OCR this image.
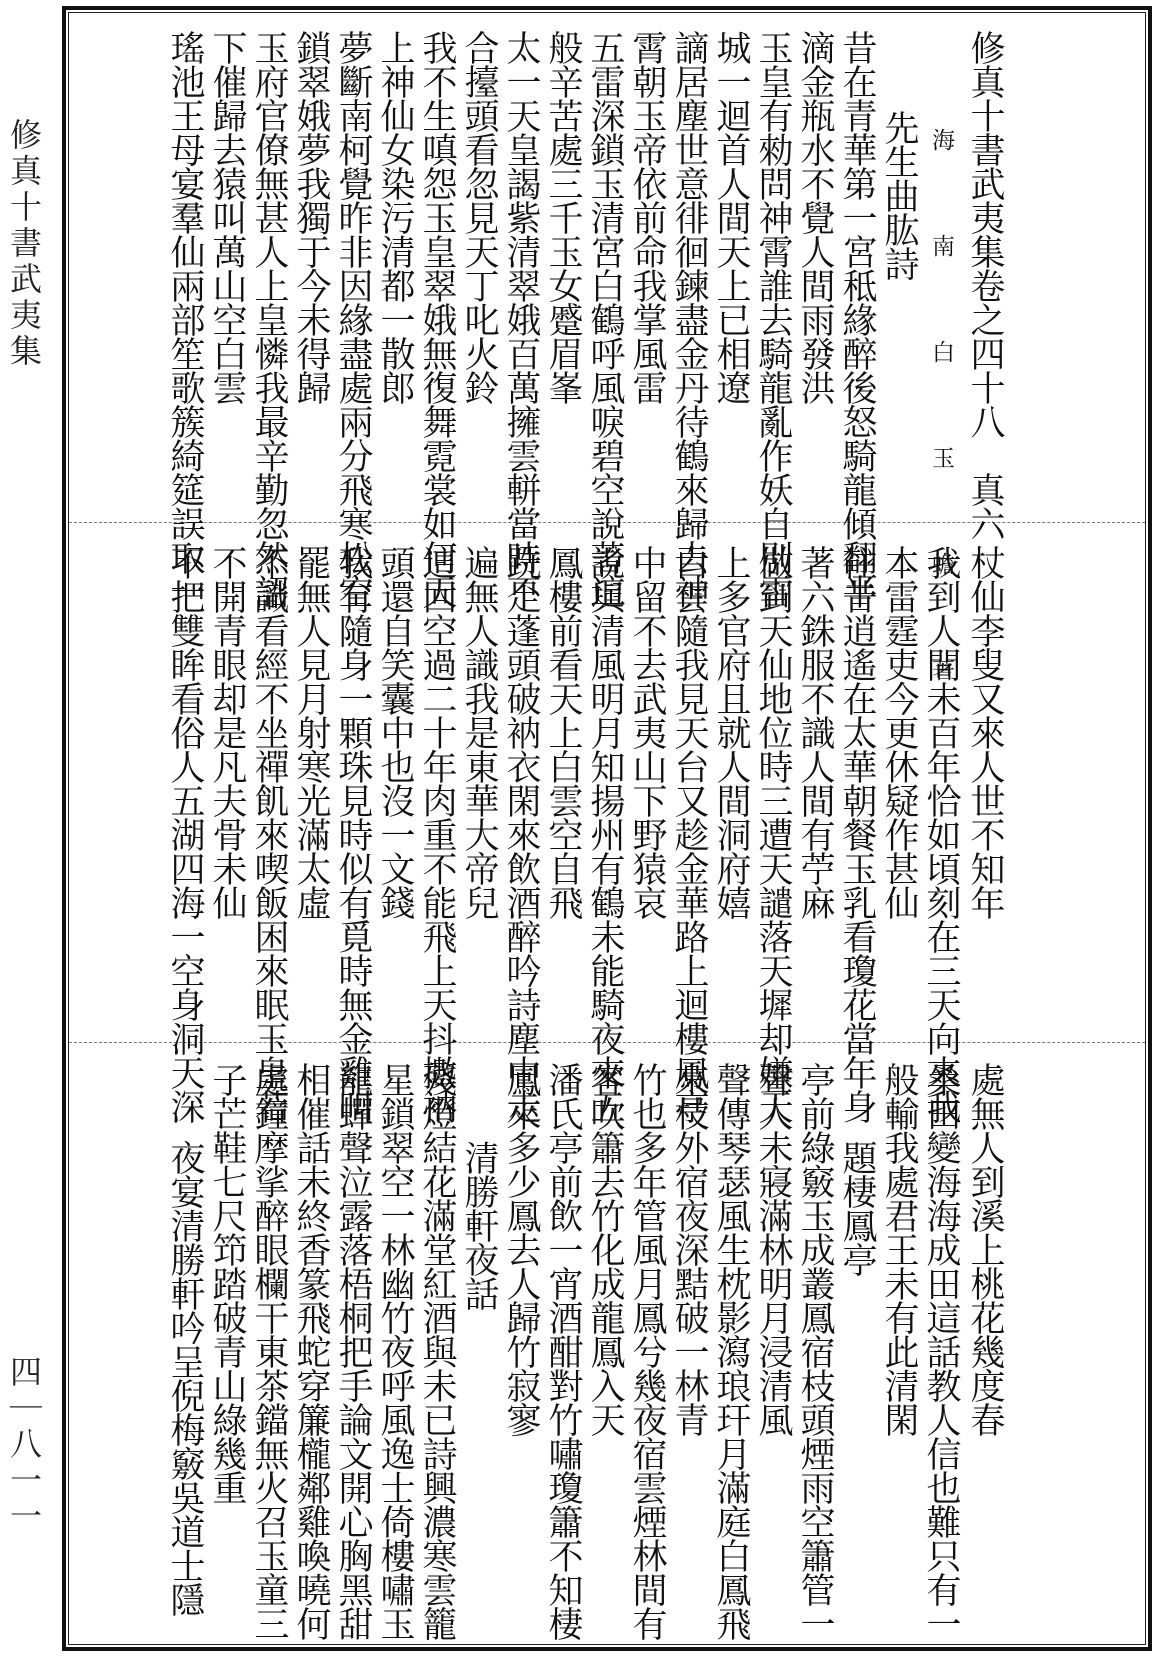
修真十書武夷集
四｜八一一
修真十書武夷集卷之四十八　真六
海　南　白　玉　蟾　著
先生曲肱詩
昔在青華第一宮秪緣醉後怒騎龍傾翻半
滴金瓶水不覺人間雨發洪
玉皇有勑問神霄誰去騎龍亂作妖自別雷
城一迴首人間天上已相遼
謫居塵世意徘徊鍊盡金丹待鶴來歸去神
霄朝玉帝依前命我掌風雷
五雷深鎖玉清宮白鶴呼風唳碧空說著這
般辛苦處三千玉女蹙眉峯
太一天皇謁紫清翠娥百萬擁雲軿當時不
合擡頭看忽見天丁叱火鈴
我不生嗔怨玉皇翠娥無復舞霓裳如何天
上神仙女染污清都一散郎
夢斷南柯覺昨非因緣盡處兩分飛寒松空
鎖翠娥夢我獨于今未得歸
玉府官僚無甚人上皇憐我最辛勤忽然詔
下催歸去猿叫萬山空白雲
瑤池王母宴羣仙兩部笙歌簇綺筵誤取一
杖仙李叟又來人世不知年
我到人間未百年恰如頃刻在三天向來我
本雷霆吏今更休疑作甚仙
往昔逍遙在太華朝餐玉乳看瓊花當年身
著六銖服不識人間有苧麻
做到天仙地位時三遭天譴落天墀却嫌天
上多官府且就人間洞府嬉
白雲隨我見天台又趁金華路上迴樓鳳亭
中留不去武夷山下野猿哀
說與清風明月知揚州有鶴未能騎夜來五
鳳樓前看天上白雲空自飛
跣足蓬頭破衲衣閑來飲酒醉吟詩塵中走
遍無人識我是東華大帝兒
這回空過二十年肉重不能飛上天抖擻衲
頭還自笑囊中也沒一文錢
我有隨身一顆珠見時似有覓時無金雞叫
罷無人見月射寒光滿太虛
不識看經不坐禪飢來喫飯困來眠玉皇若
不開青眼却是凡夫骨未仙
不把雙眸看俗人五湖四海一空身洞天深
處無人到溪上桃花幾度春
桑田變海海成田這話教人信也難只有一
般輸我處君王未有此清閑
題棲鳳亭
亭前綠竅玉成叢鳳宿枝頭煙雨空簫管一
聲人未寢滿林明月浸清風
聲傳琴瑟風生枕影瀉琅玕月滿庭白鳳飛
來枝外宿夜深黠破一林青
竹也多年管風月鳳兮幾夜宿雲煙林間有
客吹簫去竹化成龍鳳入天
潘氏亭前飲一宵酒酣對竹嘯瓊簫不知棲
鳳來多少鳳去人歸竹寂寥
清勝軒夜話
殘燈結花滿堂紅酒與未已詩興濃寒雲籠
星鎖翠空一林幽竹夜呼風逸士倚樓嘯玉
龍蟬聲泣露落梧桐把手論文開心胸黑甜
相催話未終香篆飛蛇穿簾櫳鄰雞喚曉何
處鐘摩挲醉眼欄干東茶鐺無火召玉童三
子芒鞋七尺笻踏破青山綠幾重
夜宴清勝軒吟呈倪梅竅吳道士隱
